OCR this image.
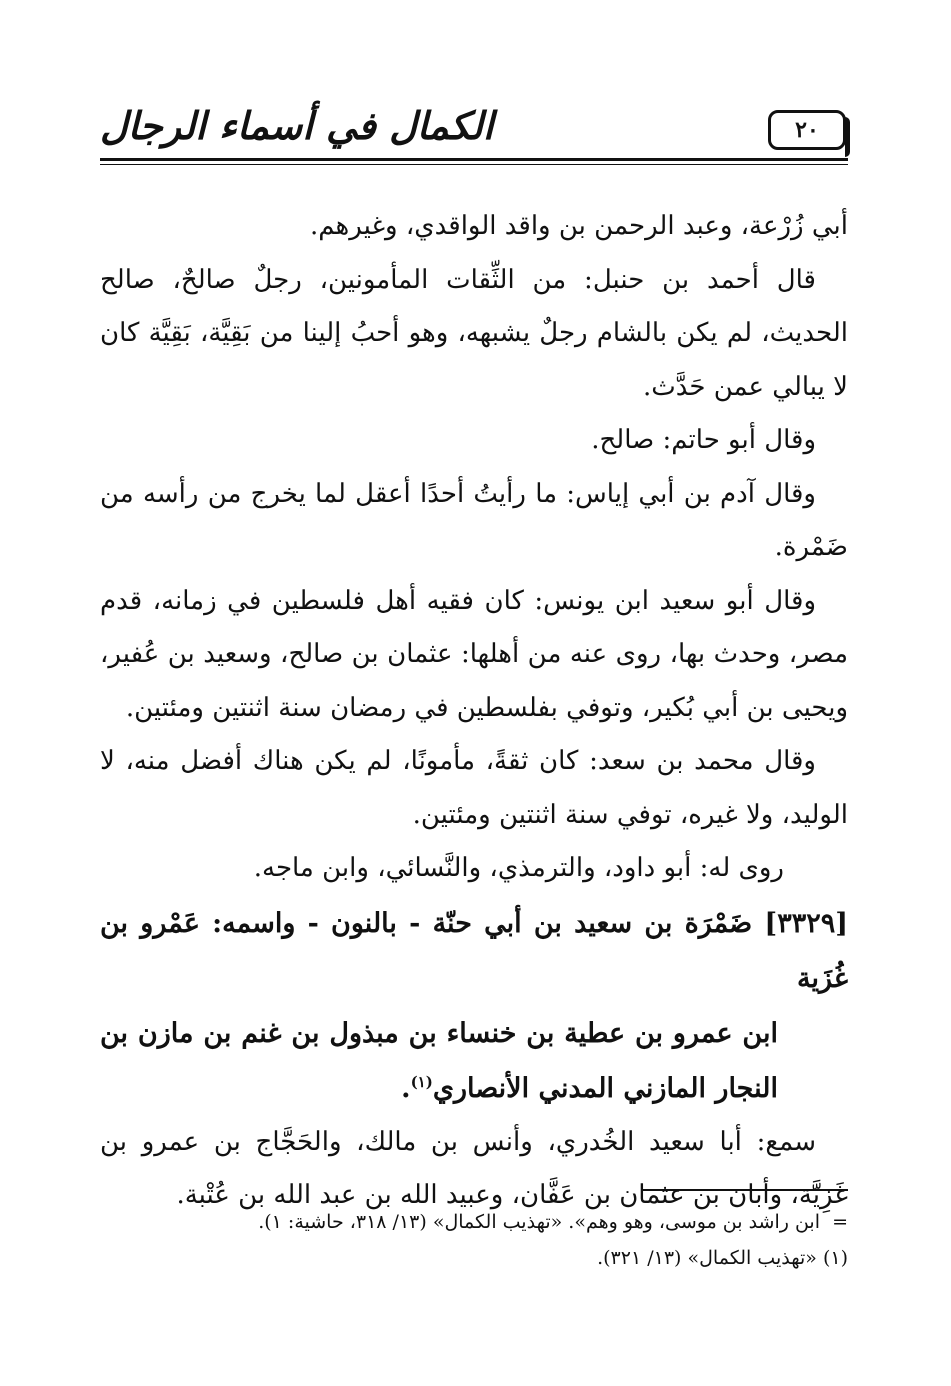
الكمال في أسماء الرجال	٢٠

أبي زُرْعة، وعبد الرحمن بن واقد الواقدي، وغيرهم.

قال أحمد بن حنبل: من الثِّقات المأمونين، رجلٌ صالحٌ، صالح الحديث، لم يكن بالشام رجلٌ يشبهه، وهو أحبُ إلينا من بَقِيَّة، بَقِيَّة كان لا يبالي عمن حَدَّث.

وقال أبو حاتم: صالح.

وقال آدم بن أبي إياس: ما رأيتُ أحدًا أعقل لما يخرج من رأسه من ضَمْرة.

وقال أبو سعيد ابن يونس: كان فقيه أهل فلسطين في زمانه، قدم مصر، وحدث بها، روى عنه من أهلها: عثمان بن صالح، وسعيد بن عُفير، ويحيى بن أبي بُكير، وتوفي بفلسطين في رمضان سنة اثنتين ومئتين.

وقال محمد بن سعد: كان ثقةً، مأمونًا، لم يكن هناك أفضل منه، لا الوليد، ولا غيره، توفي سنة اثنتين ومئتين.

روى له: أبو داود، والترمذي، والنَّسائي، وابن ماجه.

[٣٣٢٩] ضَمْرَة بن سعيد بن أبي حنّة - بالنون - واسمه: عَمْرو بن غُزَية
ابن عمرو بن عطية بن خنساء بن مبذول بن غنم بن مازن بن النجار المازني المدني الأنصاري$^{(١)}$.

سمع: أبا سعيد الخُدري، وأنس بن مالك، والحَجَّاج بن عمرو بن غَزِيَّة، وأبان بن عثمان بن عَفَّان، وعبيد الله بن عبد الله بن عُتْبة.

=ابن راشد بن موسى، وهو وهم». «تهذيب الكمال» (١٣/ ٣١٨، حاشية: ١).

(١) «تهذيب الكمال» (١٣/ ٣٢١).
